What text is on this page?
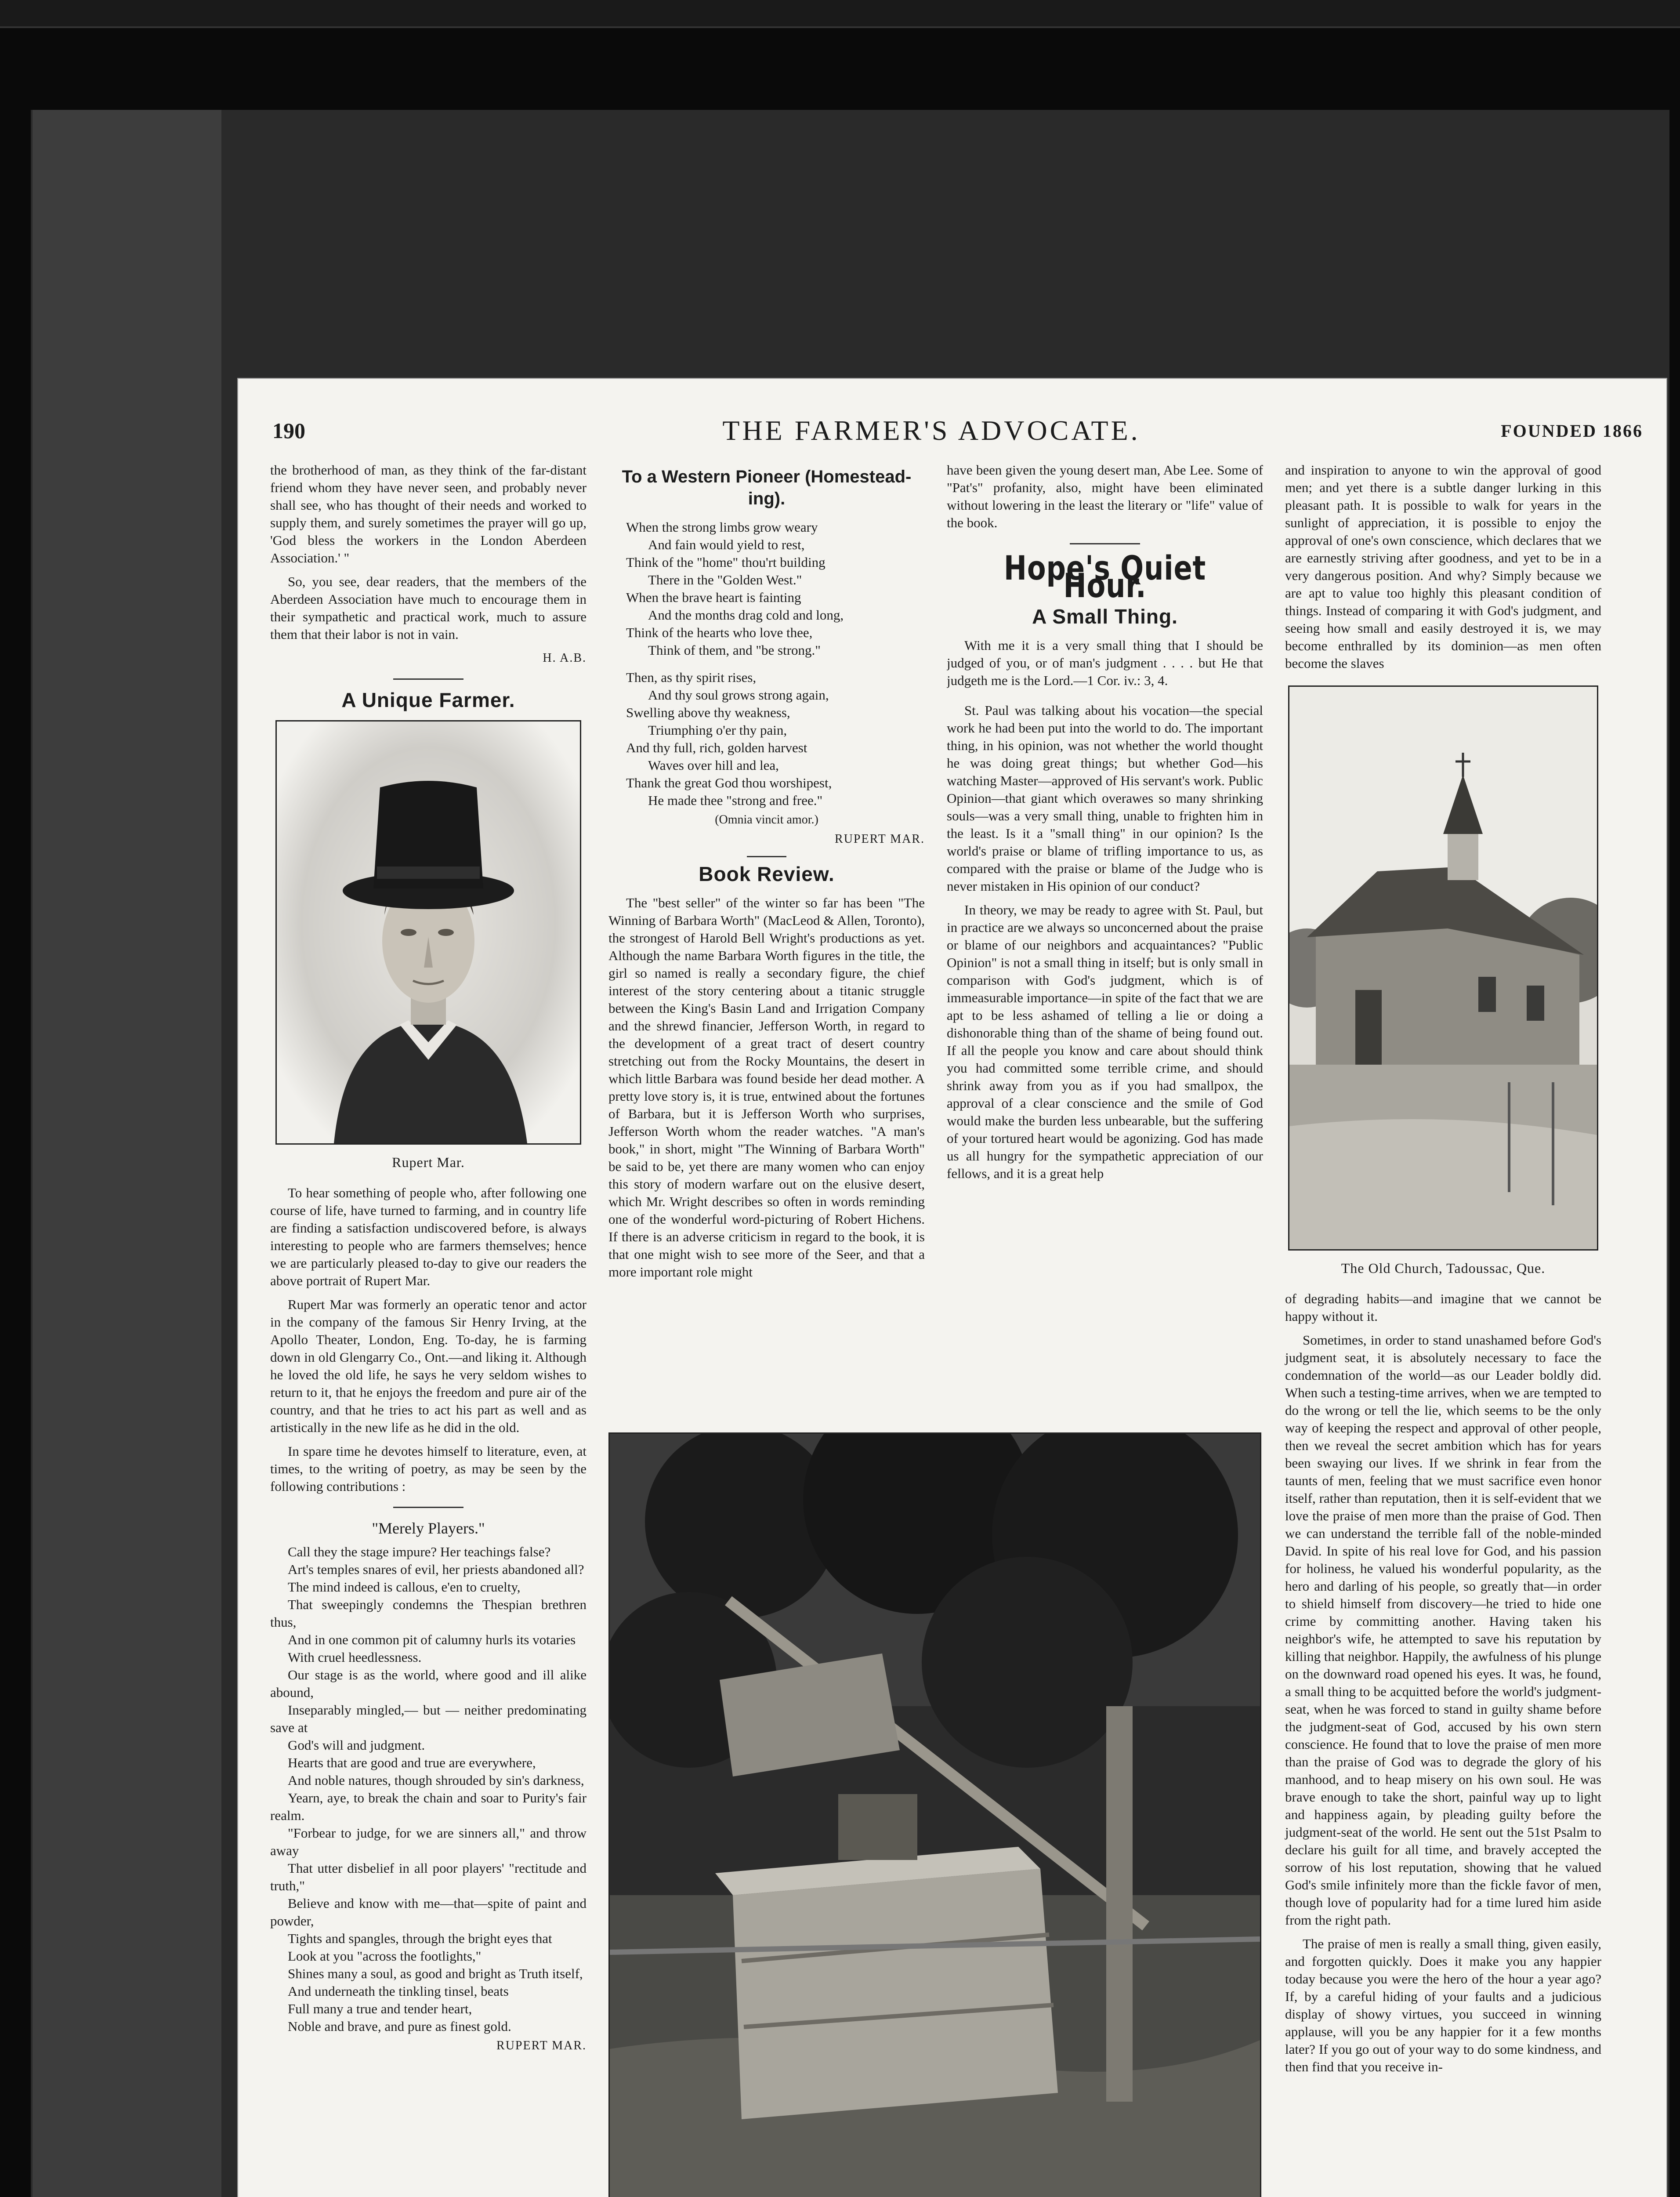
190	THE FARMER'S ADVOCATE.	FOUNDED 1866

the brotherhood of man, as they think of the far-distant friend whom they have never seen, and probably never shall see, who has thought of their needs and worked to supply them, and surely sometimes the prayer will go up, 'God bless the workers in the London Aberdeen Association.' "

So, you see, dear readers, that the members of the Aberdeen Association have much to encourage them in their sympathetic and practical work, much to assure them that their labor is not in vain.

H. A.B.
A Unique Farmer.
Rupert Mar.

To hear something of people who, after following one course of life, have turned to farming, and in country life are finding a satisfaction undiscovered before, is always interesting to people who are farmers themselves; hence we are particularly pleased to-day to give our readers the above portrait of Rupert Mar.

Rupert Mar was formerly an operatic tenor and actor in the company of the famous Sir Henry Irving, at the Apollo Theater, London, Eng. To-day, he is farming down in old Glengarry Co., Ont.—and liking it. Although he loved the old life, he says he very seldom wishes to return to it, that he enjoys the freedom and pure air of the country, and that he tries to act his part as well and as artistically in the new life as he did in the old.

In spare time he devotes himself to literature, even, at times, to the writing of poetry, as may be seen by the following contributions :

"Merely Players."

Call they the stage impure? Her teachings false?

Art's temples snares of evil, her priests abandoned all?

The mind indeed is callous, e'en to cruelty,

That sweepingly condemns the Thespian brethren thus,

And in one common pit of calumny hurls its votaries

With cruel heedlessness.

Our stage is as the world, where good and ill alike abound,

Inseparably mingled,— but — neither predominating save at

God's will and judgment.

Hearts that are good and true are everywhere,

And noble natures, though shrouded by sin's darkness,

Yearn, aye, to break the chain and soar to Purity's fair realm.

"Forbear to judge, for we are sinners all," and throw away

That utter disbelief in all poor players' "rectitude and truth,"

Believe and know with me—that—spite of paint and powder,

Tights and spangles, through the bright eyes that

Look at you "across the footlights,"

Shines many a soul, as good and bright as Truth itself,

And underneath the tinkling tinsel, beats

Full many a true and tender heart,

Noble and brave, and pure as finest gold.

RUPERT MAR.
To a Western Pioneer (Homestead-ing).

When the strong limbs grow weary

And fain would yield to rest,

Think of the "home" thou'rt building

There in the "Golden West."

When the brave heart is fainting

And the months drag cold and long,

Think of the hearts who love thee,

Think of them, and "be strong."

Then, as thy spirit rises,

And thy soul grows strong again,

Swelling above thy weakness,

Triumphing o'er thy pain,

And thy full, rich, golden harvest

Waves over hill and lea,

Thank the great God thou worshipest,

He made thee "strong and free."

(Omnia vincit amor.)
RUPERT MAR.
Book Review.

The "best seller" of the winter so far has been "The Winning of Barbara Worth" (MacLeod & Allen, Toronto), the strongest of Harold Bell Wright's productions as yet. Although the name Barbara Worth figures in the title, the girl so named is really a secondary figure, the chief interest of the story centering about a titanic struggle between the King's Basin Land and Irrigation Company and the shrewd financier, Jefferson Worth, in regard to the development of a great tract of desert country stretching out from the Rocky Mountains, the desert in which little Barbara was found beside her dead mother. A pretty love story is, it is true, entwined about the fortunes of Barbara, but it is Jefferson Worth who surprises, Jefferson Worth whom the reader watches. "A man's book," in short, might "The Winning of Barbara Worth" be said to be, yet there are many women who can enjoy this story of modern warfare out on the elusive desert, which Mr. Wright describes so often in words reminding one of the wonderful word-picturing of Robert Hichens. If there is an adverse criticism in regard to the book, it is that one might wish to see more of the Seer, and that a more important role might

have been given the young desert man, Abe Lee. Some of "Pat's" profanity, also, might have been eliminated without lowering in the least the literary or "life" value of the book.

Hope's Quiet Hour.
A Small Thing.

With me it is a very small thing that I should be judged of you, or of man's judgment . . . . but He that judgeth me is the Lord.—1 Cor. iv.: 3, 4.

St. Paul was talking about his vocation—the special work he had been put into the world to do. The important thing, in his opinion, was not whether the world thought he was doing great things; but whether God—his watching Master—approved of His servant's work. Public Opinion—that giant which overawes so many shrinking souls—was a very small thing, unable to frighten him in the least. Is it a "small thing" in our opinion? Is the world's praise or blame of trifling importance to us, as compared with the praise or blame of the Judge who is never mistaken in His opinion of our conduct?

In theory, we may be ready to agree with St. Paul, but in practice are we always so unconcerned about the praise or blame of our neighbors and acquaintances? "Public Opinion" is not a small thing in itself; but is only small in comparison with God's judgment, which is of immeasurable importance—in spite of the fact that we are apt to be less ashamed of telling a lie or doing a dishonorable thing than of the shame of being found out. If all the people you know and care about should think you had committed some terrible crime, and should shrink away from you as if you had smallpox, the approval of a clear conscience and the smile of God would make the burden less unbearable, but the suffering of your tortured heart would be agonizing. God has made us all hungry for the sympathetic appreciation of our fellows, and it is a great help

and inspiration to anyone to win the approval of good men; and yet there is a subtle danger lurking in this pleasant path. It is possible to walk for years in the sunlight of appreciation, it is possible to enjoy the approval of one's own conscience, which declares that we are earnestly striving after goodness, and yet to be in a very dangerous position. And why? Simply because we are apt to value too highly this pleasant condition of things. Instead of comparing it with God's judgment, and seeing how small and easily destroyed it is, we may become enthralled by its dominion—as men often become the slaves

The Old Church, Tadoussac, Que.

of degrading habits—and imagine that we cannot be happy without it.

Sometimes, in order to stand unashamed before God's judgment seat, it is absolutely necessary to face the condemnation of the world—as our Leader boldly did. When such a testing-time arrives, when we are tempted to do the wrong or tell the lie, which seems to be the only way of keeping the respect and approval of other people, then we reveal the secret ambition which has for years been swaying our lives. If we shrink in fear from the taunts of men, feeling that we must sacrifice even honor itself, rather than reputation, then it is self-evident that we love the praise of men more than the praise of God. Then we can understand the terrible fall of the noble-minded David. In spite of his real love for God, and his passion for holiness, he valued his wonderful popularity, as the hero and darling of his people, so greatly that—in order to shield himself from discovery—he tried to hide one crime by committing another. Having taken his neighbor's wife, he attempted to save his reputation by killing that neighbor. Happily, the awfulness of his plunge on the downward road opened his eyes. It was, he found, a small thing to be acquitted before the world's judgment-seat, when he was forced to stand in guilty shame before the judgment-seat of God, accused by his own stern conscience. He found that to love the praise of men more than the praise of God was to degrade the glory of his manhood, and to heap misery on his own soul. He was brave enough to take the short, painful way up to light and happiness again, by pleading guilty before the judgment-seat of the world. He sent out the 51st Psalm to declare his guilt for all time, and bravely accepted the sorrow of his lost reputation, showing that he valued God's smile infinitely more than the fickle favor of men, though love of popularity had for a time lured him aside from the right path.

The praise of men is really a small thing, given easily, and forgotten quickly. Does it make you any happier today because you were the hero of the hour a year ago? If, by a careful hiding of your faults and a judicious display of showy virtues, you succeed in winning applause, will you be any happier for it a few months later? If you go out of your way to do some kindness, and then find that you receive in-
